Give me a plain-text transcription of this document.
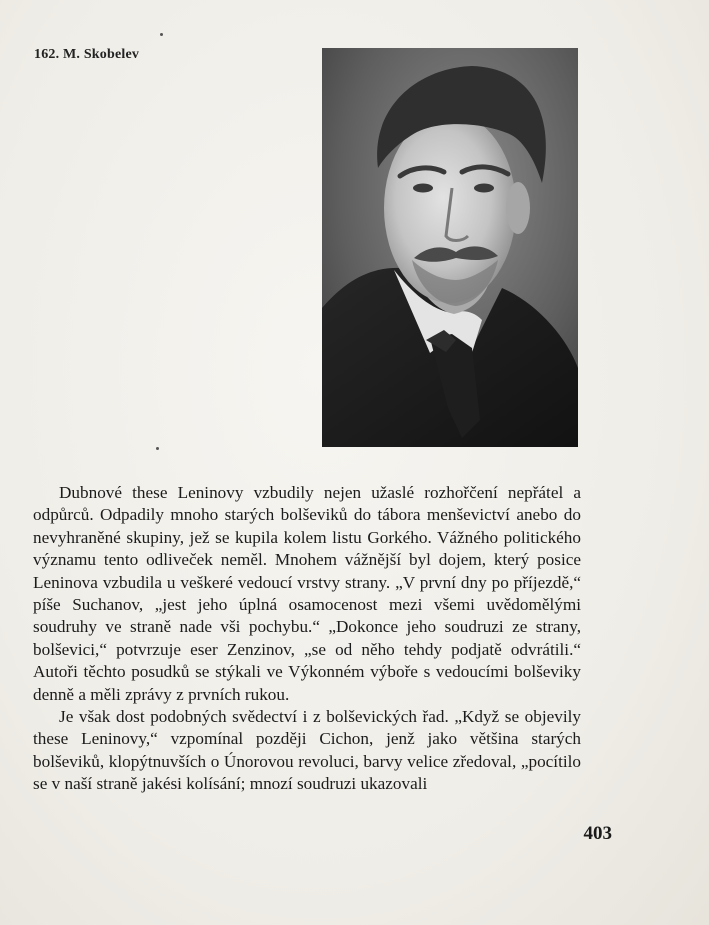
162. M. Skobelev

Dubnové these Leninovy vzbudily nejen užaslé rozhořčení nepřátel a odpůrců. Odpadily mnoho starých bolševiků do tábora menševictví anebo do nevyhraněné skupiny, jež se kupila kolem listu Gorkého. Vážného politického významu tento odliveček neměl. Mnohem vážnější byl dojem, který posice Leninova vzbudila u veškeré vedoucí vrstvy strany. „V první dny po příjezdě,“ píše Suchanov, „jest jeho úplná osamocenost mezi všemi uvědomělými soudruhy ve straně nade vši pochybu.“ „Dokonce jeho soudruzi ze strany, bolševici,“ potvrzuje eser Zenzinov, „se od něho tehdy podjatě odvrátili.“ Autoři těchto posudků se stýkali ve Výkonném výboře s vedoucími bolševiky denně a měli zprávy z prvních rukou.

Je však dost podobných svědectví i z bolševických řad. „Když se objevily these Leninovy,“ vzpomínal později Cichon, jenž jako většina starých bolševiků, klopýtnuvších o Únorovou revoluci, barvy velice zředoval, „pocítilo se v naší straně jakési kolísání; mnozí soudruzi ukazovali

403
